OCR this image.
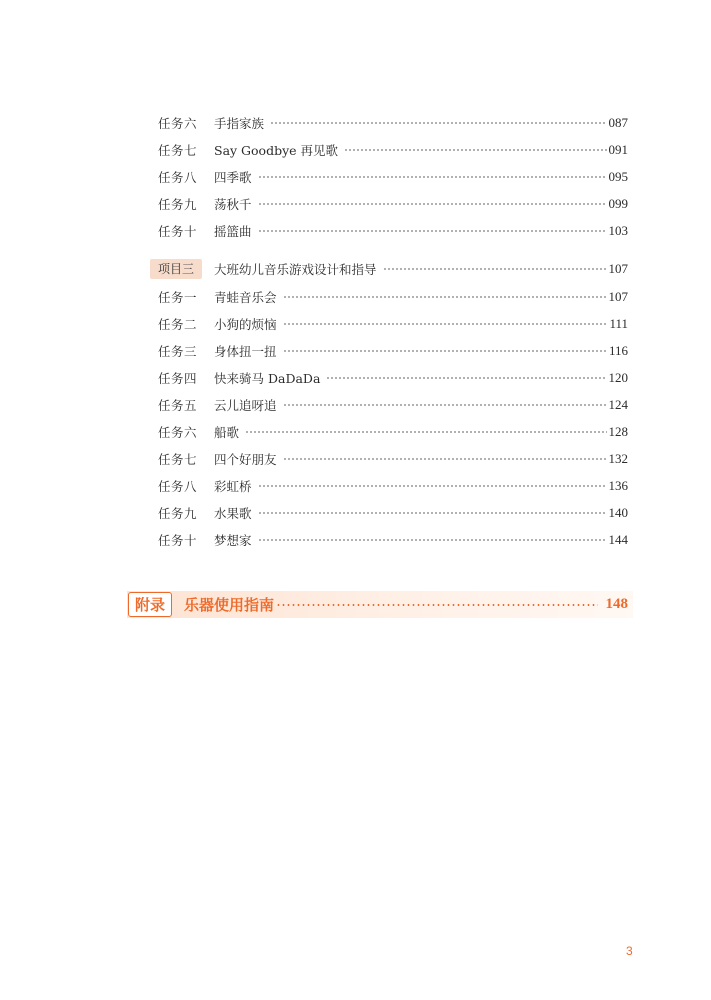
任务六	手指家族	087
任务七	Say Goodbye 再见歌	091
任务八	四季歌	095
任务九	荡秋千	099
任务十	摇篮曲	103
项目三	大班幼儿音乐游戏设计和指导	107
任务一	青蛙音乐会	107
任务二	小狗的烦恼	111
任务三	身体扭一扭	116
任务四	快来骑马 DaDaDa	120
任务五	云儿追呀追	124
任务六	船歌	128
任务七	四个好朋友	132
任务八	彩虹桥	136
任务九	水果歌	140
任务十	梦想家	144
附录	乐器使用指南	148
3
